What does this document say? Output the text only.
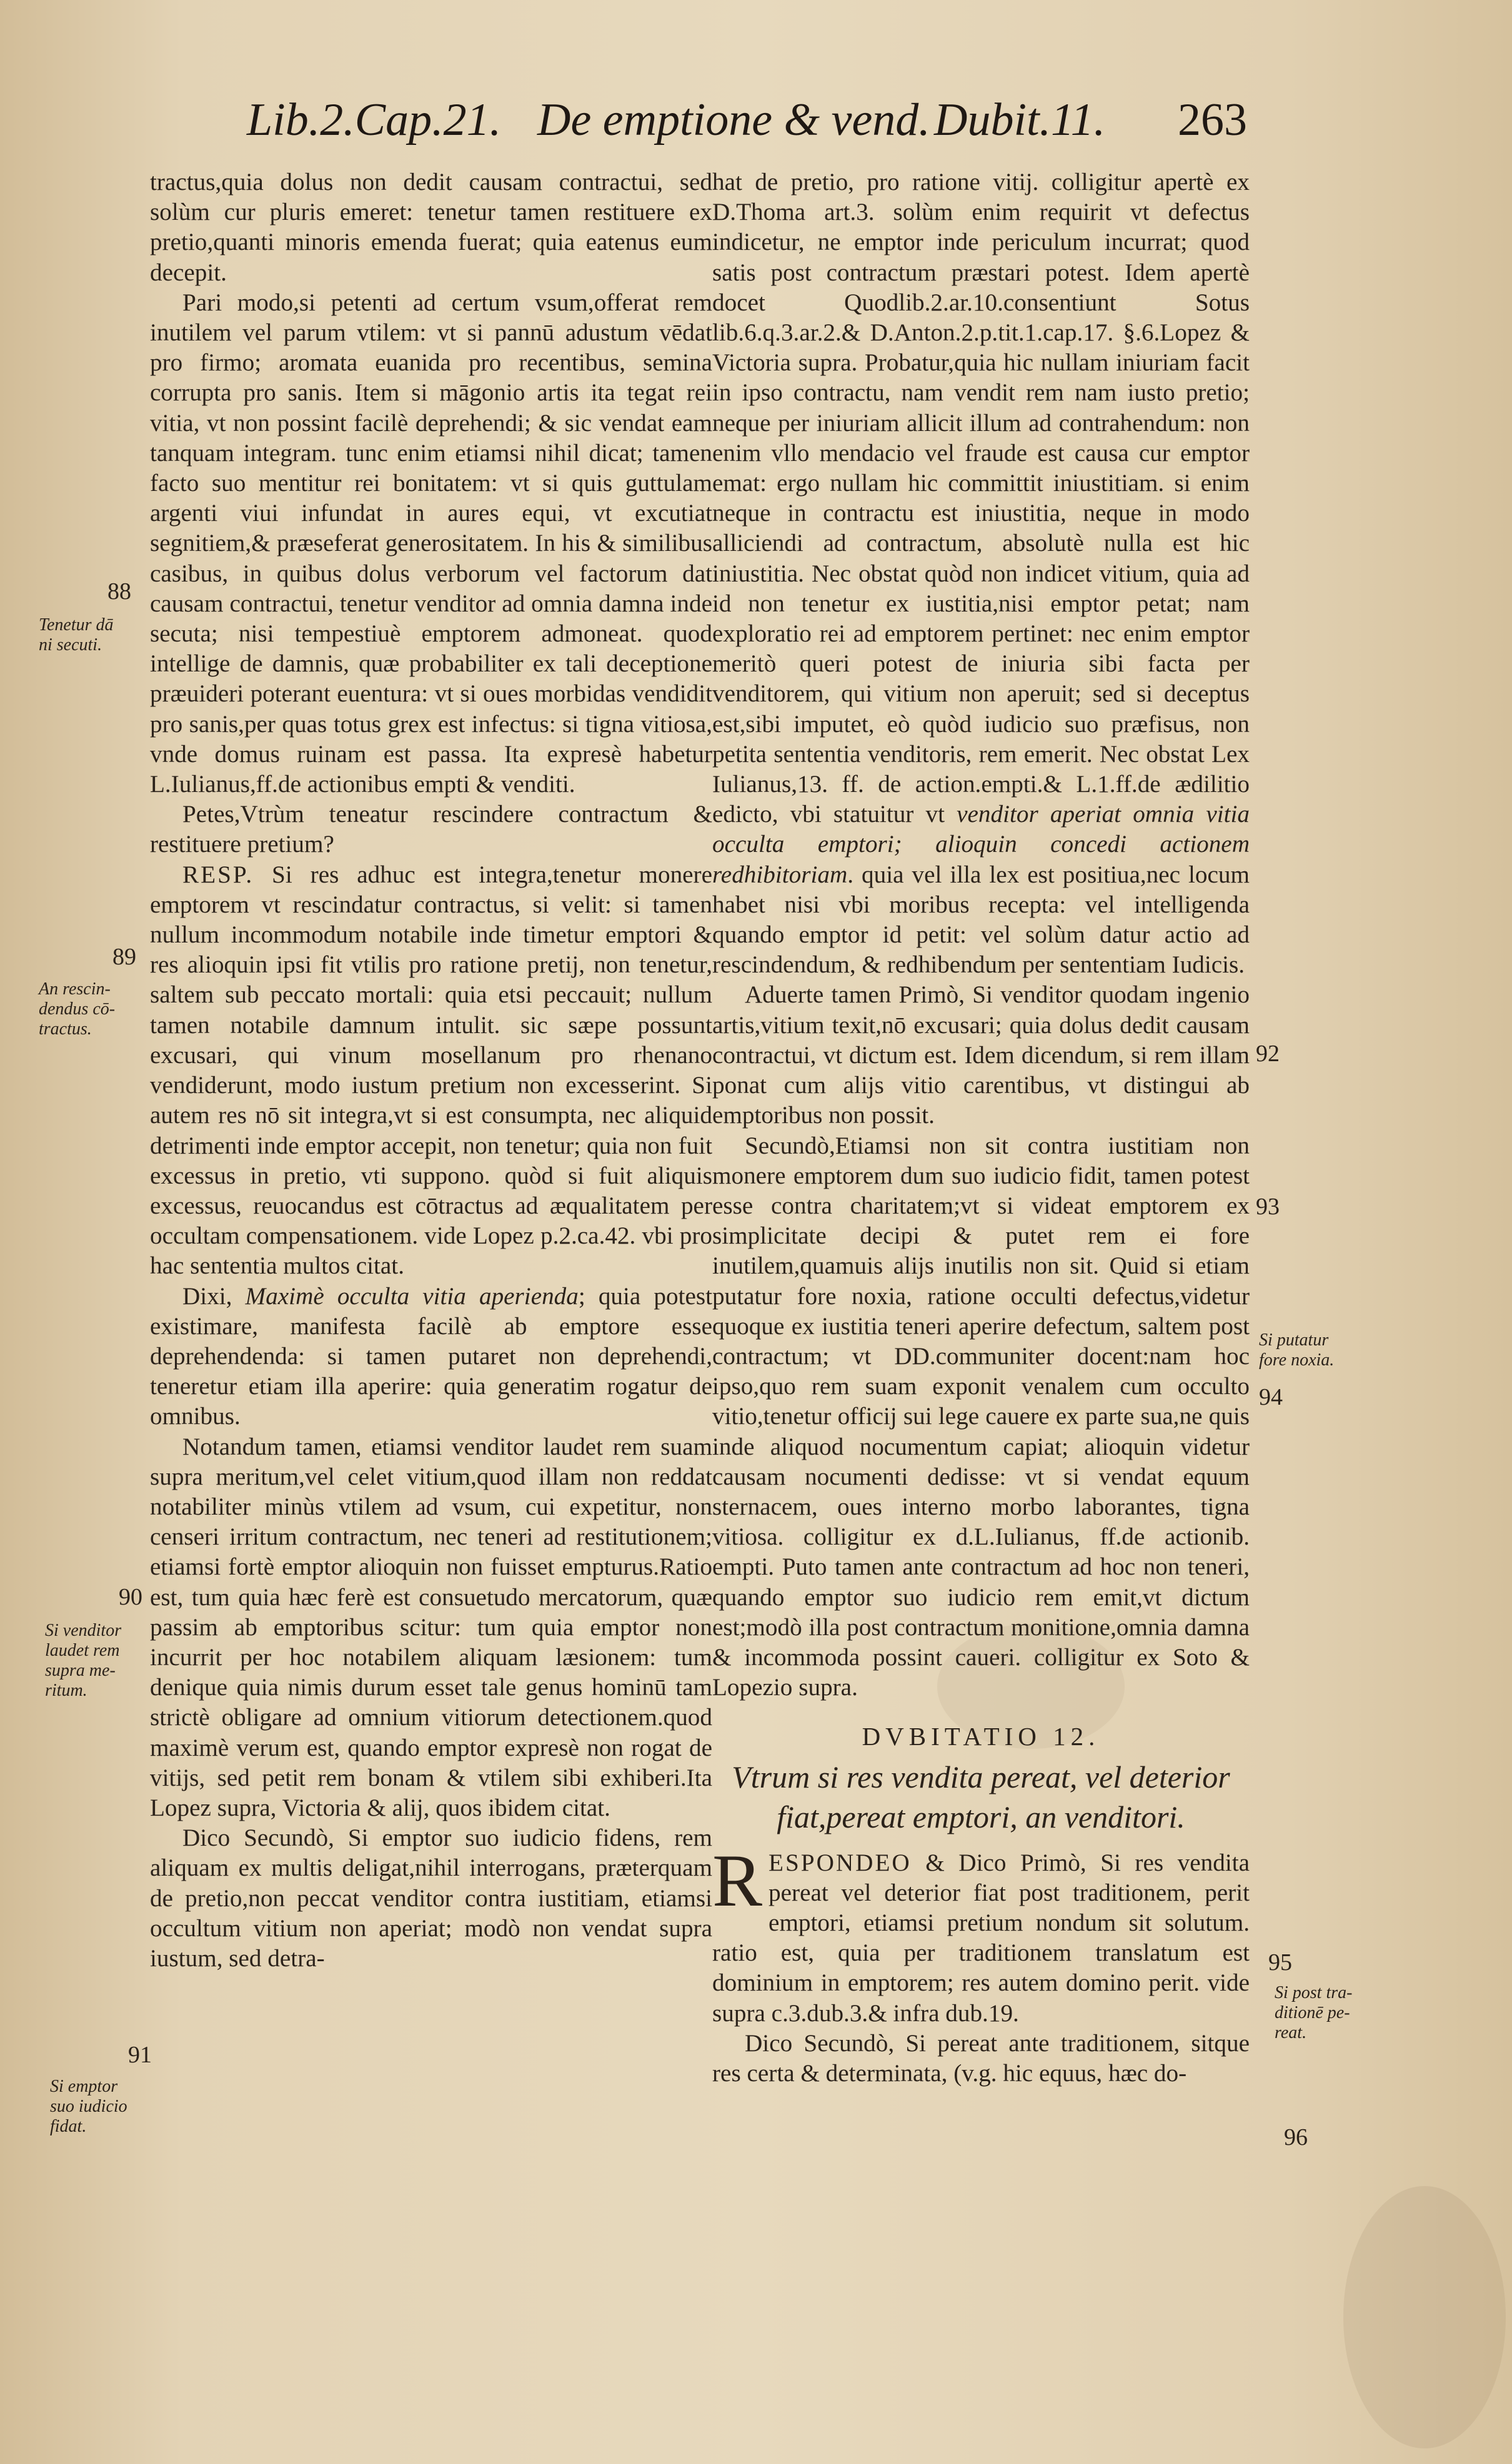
Lib.2.Cap.21. De emptione & vend. Dubit.11. 263

tractus,quia dolus non dedit causam contractui, sed solùm cur pluris emeret: tenetur tamen restituere ex pretio,quanti minoris emenda fuerat; quia eatenus eum decepit.

Pari modo,si petenti ad certum vsum,offerat rem inutilem vel parum vtilem: vt si pannū adustum vēdat pro firmo; aromata euanida pro recentibus, semina corrupta pro sanis. Item si māgonio artis ita tegat rei vitia, vt non possint facilè deprehendi; & sic vendat eam tanquam integram. tunc enim etiamsi nihil dicat; tamen facto suo mentitur rei bonitatem: vt si quis guttulam argenti viui infundat in aures equi, vt excutiat segnitiem,& præseferat generositatem. In his & similibus casibus, in quibus dolus verborum vel factorum dat causam contractui, tenetur venditor ad omnia damna inde secuta; nisi tempestiuè emptorem admoneat. quod intellige de damnis, quæ probabiliter ex tali deceptione præuideri poterant euentura: vt si oues morbidas vendidit pro sanis,per quas totus grex est infectus: si tigna vitiosa, vnde domus ruinam est passa. Ita expresè habetur L.Iulianus,ff.de actionibus empti & venditi.

Petes,Vtrùm teneatur rescindere contractum & restituere pretium?

RESP. Si res adhuc est integra,tenetur monere emptorem vt rescindatur contractus, si velit: si tamen nullum incommodum notabile inde timetur emptori & res alioquin ipsi fit vtilis pro ratione pretij, non tenetur, saltem sub peccato mortali: quia etsi peccauit; nullum tamen notabile damnum intulit. sic sæpe possunt excusari, qui vinum mosellanum pro rhenano vendiderunt, modo iustum pretium non excesserint. Si autem res nō sit integra,vt si est consumpta, nec aliquid detrimenti inde emptor accepit, non tenetur; quia non fuit excessus in pretio, vti suppono. quòd si fuit aliquis excessus, reuocandus est cōtractus ad æqualitatem per occultam compensationem. vide Lopez p.2.ca.42. vbi pro hac sententia multos citat.

Dixi, Maximè occulta vitia aperienda; quia potest existimare, manifesta facilè ab emptore esse deprehendenda: si tamen putaret non deprehendi, teneretur etiam illa aperire: quia generatim rogatur de omnibus.

Notandum tamen, etiamsi venditor laudet rem suam supra meritum,vel celet vitium,quod illam non reddat notabiliter minùs vtilem ad vsum, cui expetitur, non censeri irritum contractum, nec teneri ad restitutionem; etiamsi fortè emptor alioquin non fuisset empturus.Ratio est, tum quia hæc ferè est consuetudo mercatorum, quæ passim ab emptoribus scitur: tum quia emptor non incurrit per hoc notabilem aliquam læsionem: tum denique quia nimis durum esset tale genus hominū tam strictè obligare ad omnium vitiorum detectionem.quod maximè verum est, quando emptor expresè non rogat de vitijs, sed petit rem bonam & vtilem sibi exhiberi.Ita Lopez supra, Victoria & alij, quos ibidem citat.

Dico Secundò, Si emptor suo iudicio fidens, rem aliquam ex multis deligat,nihil interrogans, præterquam de pretio,non peccat venditor contra iustitiam, etiamsi occultum vitium non aperiat; modò non vendat supra iustum, sed detra-

hat de pretio, pro ratione vitij. colligitur apertè ex D.Thoma art.3. solùm enim requirit vt defectus indicetur, ne emptor inde periculum incurrat; quod satis post contractum præstari potest. Idem apertè docet Quodlib.2.ar.10.consentiunt Sotus lib.6.q.3.ar.2.& D.Anton.2.p.tit.1.cap.17. §.6.Lopez & Victoria supra. Probatur,quia hic nullam iniuriam facit in ipso contractu, nam vendit rem nam iusto pretio; neque per iniuriam allicit illum ad contrahendum: non enim vllo mendacio vel fraude est causa cur emptor emat: ergo nullam hic committit iniustitiam. si enim neque in contractu est iniustitia, neque in modo alliciendi ad contractum, absolutè nulla est hic iniustitia. Nec obstat quòd non indicet vitium, quia ad id non tenetur ex iustitia,nisi emptor petat; nam exploratio rei ad emptorem pertinet: nec enim emptor meritò queri potest de iniuria sibi facta per venditorem, qui vitium non aperuit; sed si deceptus est,sibi imputet, eò quòd iudicio suo præfisus, non petita sententia venditoris, rem emerit. Nec obstat Lex Iulianus,13. ff. de action.empti.& L.1.ff.de ædilitio edicto, vbi statuitur vt venditor aperiat omnia vitia occulta emptori; alioquin concedi actionem redhibitoriam. quia vel illa lex est positiua,nec locum habet nisi vbi moribus recepta: vel intelligenda quando emptor id petit: vel solùm datur actio ad rescindendum, & redhibendum per sententiam Iudicis.

Aduerte tamen Primò, Si venditor quodam ingenio artis,vitium texit,nō excusari; quia dolus dedit causam contractui, vt dictum est. Idem dicendum, si rem illam ponat cum alijs vitio carentibus, vt distingui ab emptoribus non possit.

Secundò,Etiamsi non sit contra iustitiam non monere emptorem dum suo iudicio fidit, tamen potest esse contra charitatem;vt si videat emptorem ex simplicitate decipi & putet rem ei fore inutilem,quamuis alijs inutilis non sit. Quid si etiam putatur fore noxia, ratione occulti defectus,videtur quoque ex iustitia teneri aperire defectum, saltem post contractum; vt DD.communiter docent:nam hoc ipso,quo rem suam exponit venalem cum occulto vitio,tenetur officij sui lege cauere ex parte sua,ne quis inde aliquod nocumentum capiat; alioquin videtur causam nocumenti dedisse: vt si vendat equum sternacem, oues interno morbo laborantes, tigna vitiosa. colligitur ex d.L.Iulianus, ff.de actionib. empti. Puto tamen ante contractum ad hoc non teneri, quando emptor suo iudicio rem emit,vt dictum est;modò illa post contractum monitione,omnia damna & incommoda possint caueri. colligitur ex Soto & Lopezio supra.

DVBITATIO 12.

Vtrum si res vendita pereat, vel deterior fiat,pereat emptori, an venditori.

RESPONDEO & Dico Primò, Si res vendita pereat vel deterior fiat post traditionem, perit emptori, etiamsi pretium nondum sit solutum. ratio est, quia per traditionem translatum est dominium in emptorem; res autem domino perit. vide supra c.3.dub.3.& infra dub.19.

Dico Secundò, Si pereat ante traditionem, sitque res certa & determinata, (v.g. hic equus, hæc do-

88
89
90
91
92
93
94
95
96
Tenetur dā
ni secuti.
An rescin-
dendus cō-
tractus.
Si venditor
laudet rem
supra me-
ritum.
Si emptor
suo iudicio
fidat.
Si putatur
fore noxia.
Si post tra-
ditionē pe-
reat.
